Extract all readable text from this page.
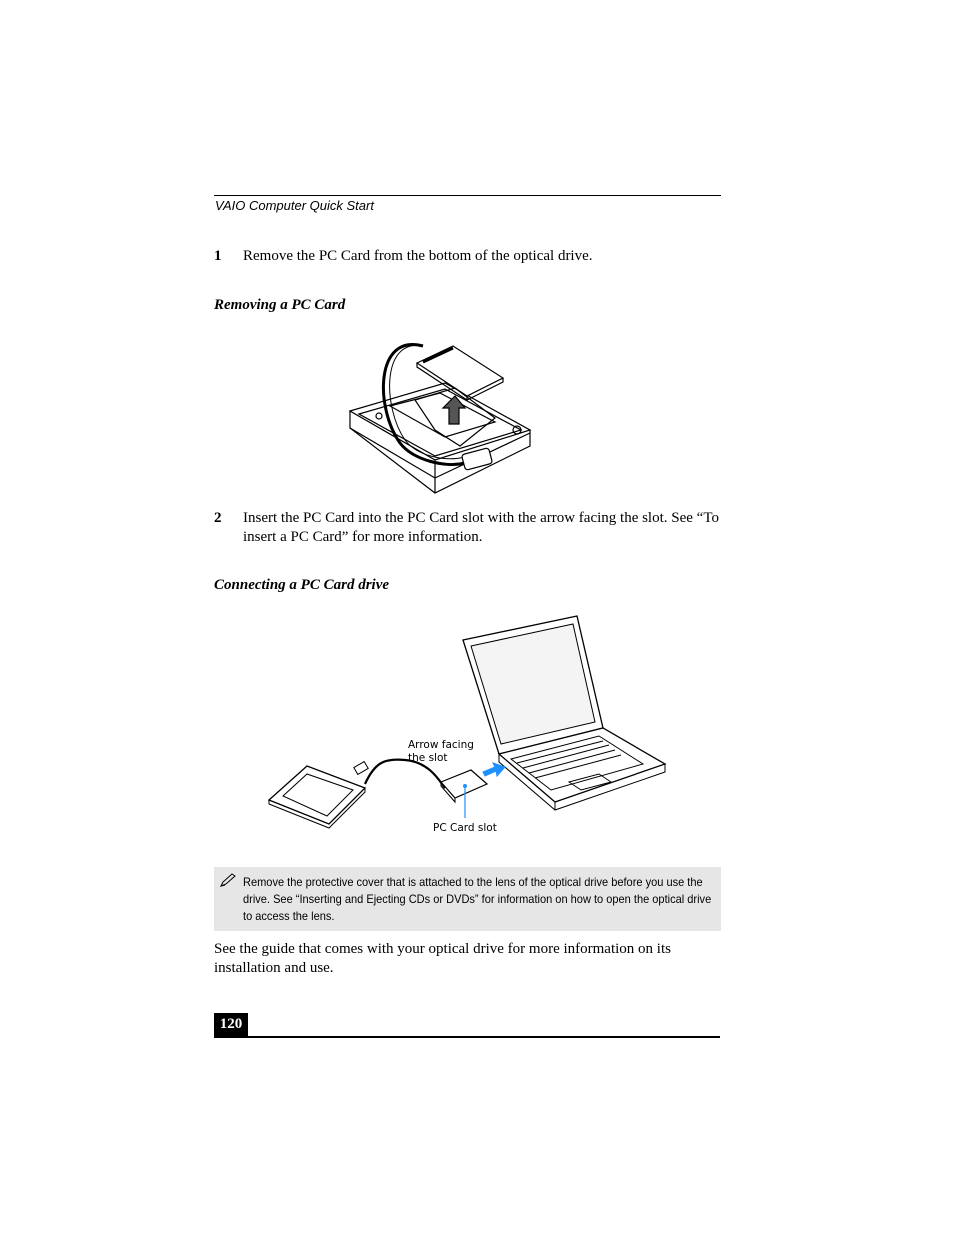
VAIO Computer Quick Start
1 Remove the PC Card from the bottom of the optical drive.
Removing a PC Card
2 Insert the PC Card into the PC Card slot with the arrow facing the slot. See “To insert a PC Card” for more information.
Connecting a PC Card drive
Arrow facing
the slot
PC Card slot
Remove the protective cover that is attached to the lens of the optical drive before you use the drive. See “Inserting and Ejecting CDs or DVDs” for information on how to open the optical drive to access the lens.
See the guide that comes with your optical drive for more information on its installation and use.
120
